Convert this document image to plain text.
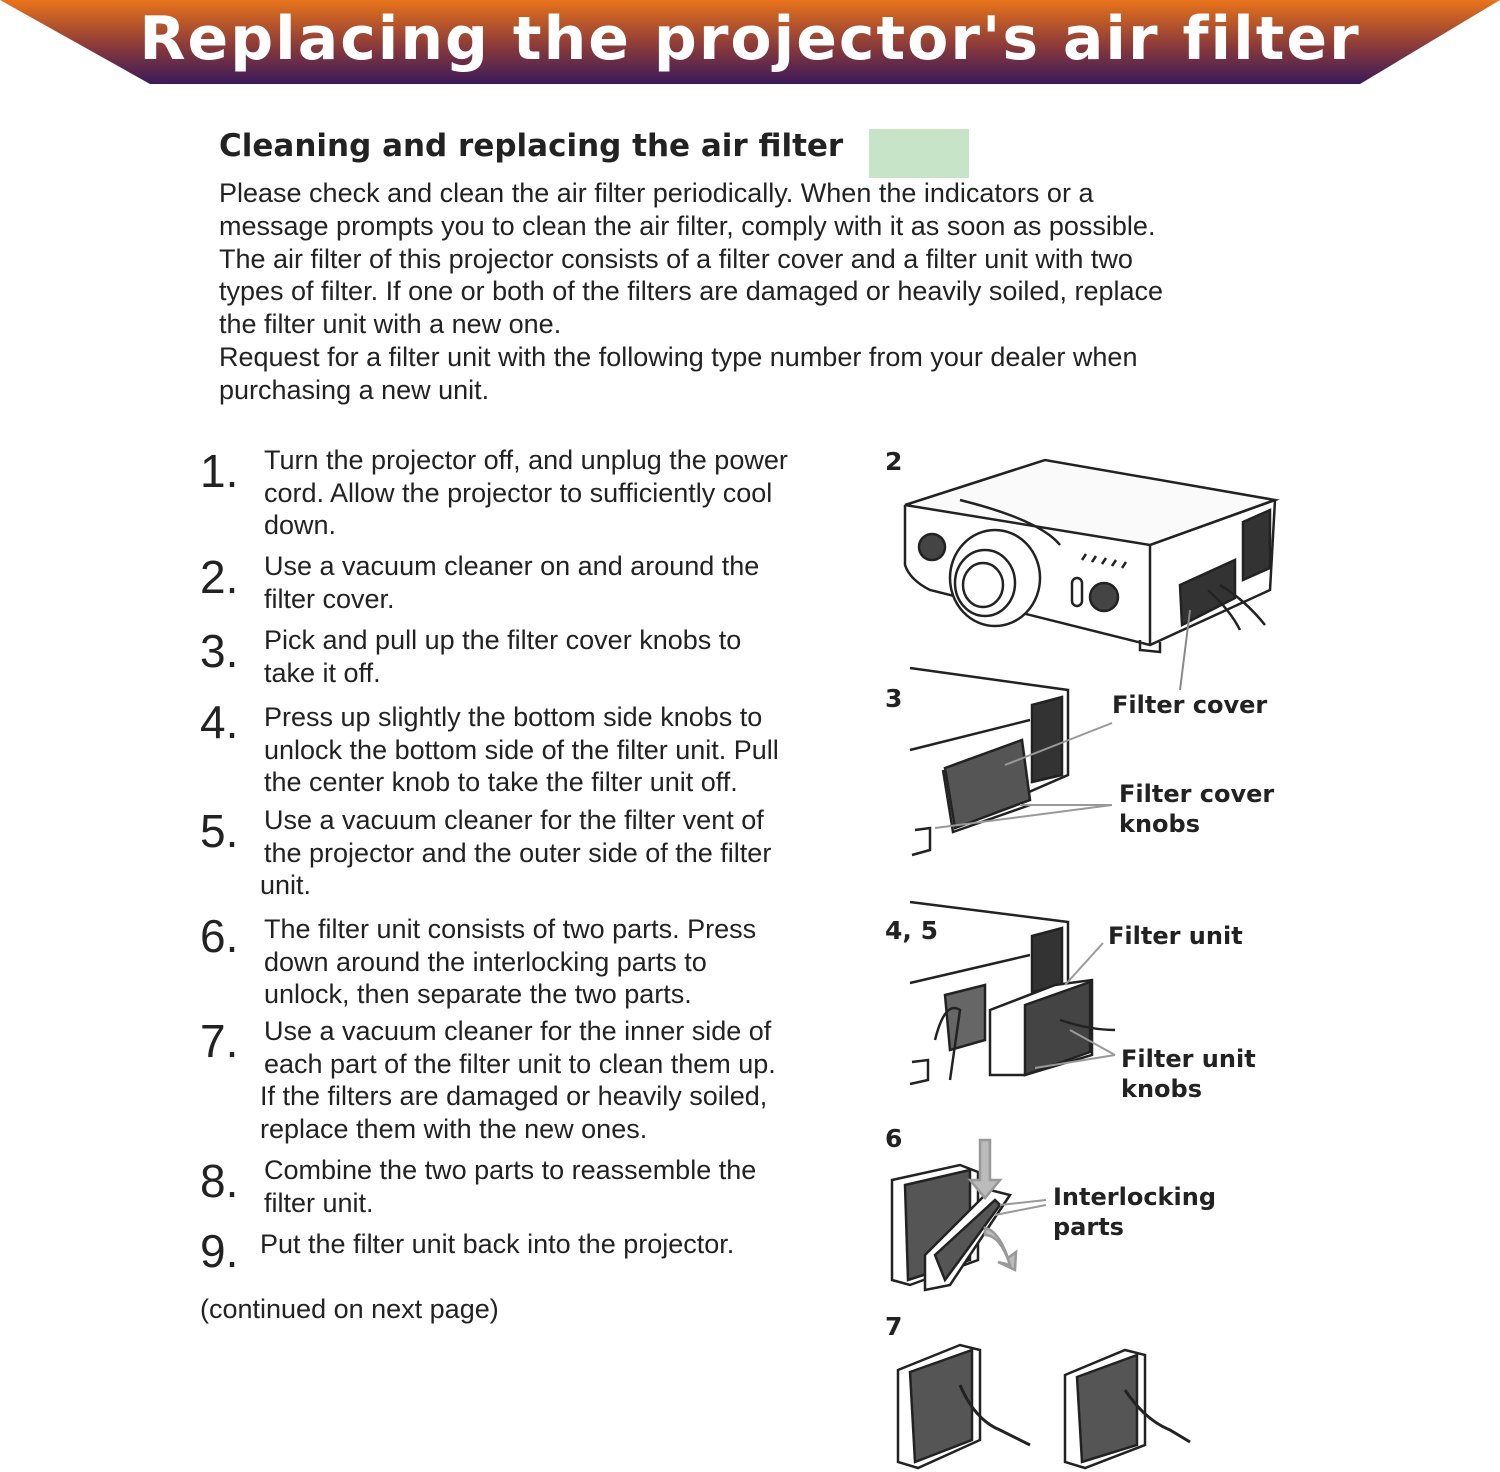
Replacing the projector's air filter
Cleaning and replacing the air filter
Please check and clean the air filter periodically. When the indicators or a
message prompts you to clean the air filter, comply with it as soon as possible.
The air filter of this projector consists of a filter cover and a filter unit with two
types of filter. If one or both of the filters are damaged or heavily soiled, replace
the filter unit with a new one.
Request for a filter unit with the following type number from your dealer when
purchasing a new unit.
1. Turn the projector off, and unplug the power
cord. Allow the projector to sufficiently cool
down.
2. Use a vacuum cleaner on and around the
filter cover.
3. Pick and pull up the filter cover knobs to
take it off.
4. Press up slightly the bottom side knobs to
unlock the bottom side of the filter unit. Pull
the center knob to take the filter unit off.
5. Use a vacuum cleaner for the filter vent of
the projector and the outer side of the filter
unit.
6. The filter unit consists of two parts. Press
down around the interlocking parts to
unlock, then separate the two parts.
7. Use a vacuum cleaner for the inner side of
each part of the filter unit to clean them up.
If the filters are damaged or heavily soiled,
replace them with the new ones.
8. Combine the two parts to reassemble the
filter unit.
9. Put the filter unit back into the projector.
(continued on next page)
2
3
4, 5
6
7
Filter cover
Filter cover
knobs
Filter unit
Filter unit
knobs
Interlocking
parts
